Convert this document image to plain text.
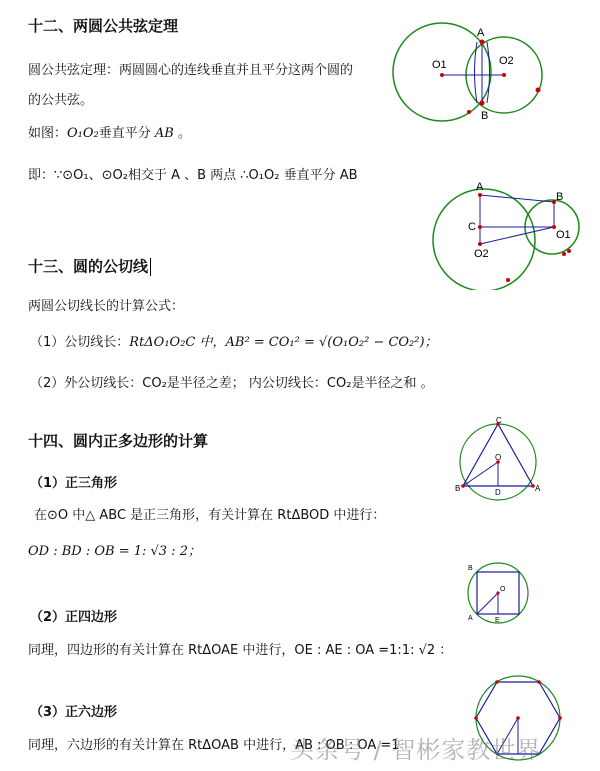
十二、两圆公共弦定理
圆公共弦定理：两圆圆心的连线垂直并且平分这两个圆的
的公共弦。
如图：O₁O₂垂直平分 AB 。
即：∵⊙O₁、⊙O₂相交于 A 、B 两点 ∴O₁O₂ 垂直平分 AB
A
B
O1	O2
A
B
C
O1
O2
十三、圆的公切线
两圆公切线长的计算公式：
（1）公切线长：RtΔO₁O₂C 中，AB² = CO₁² = √(O₁O₂² − CO₂²)；
（2）外公切线长：CO₂是半径之差； 内公切线长：CO₂是半径之和 。
十四、圆内正多边形的计算
（1）正三角形
在⊙O 中△ ABC 是正三角形，有关计算在 RtΔBOD 中进行：
OD : BD : OB = 1: √3 : 2；
（2）正四边形
同理，四边形的有关计算在 RtΔOAE 中进行，OE : AE : OA =1:1: √2 ：
（3）正六边形
同理，六边形的有关计算在 RtΔOAB 中进行，AB : OB : OA =1
C
B	A
D
O
B
A	E
O
头条号 / 智彬家教世界
